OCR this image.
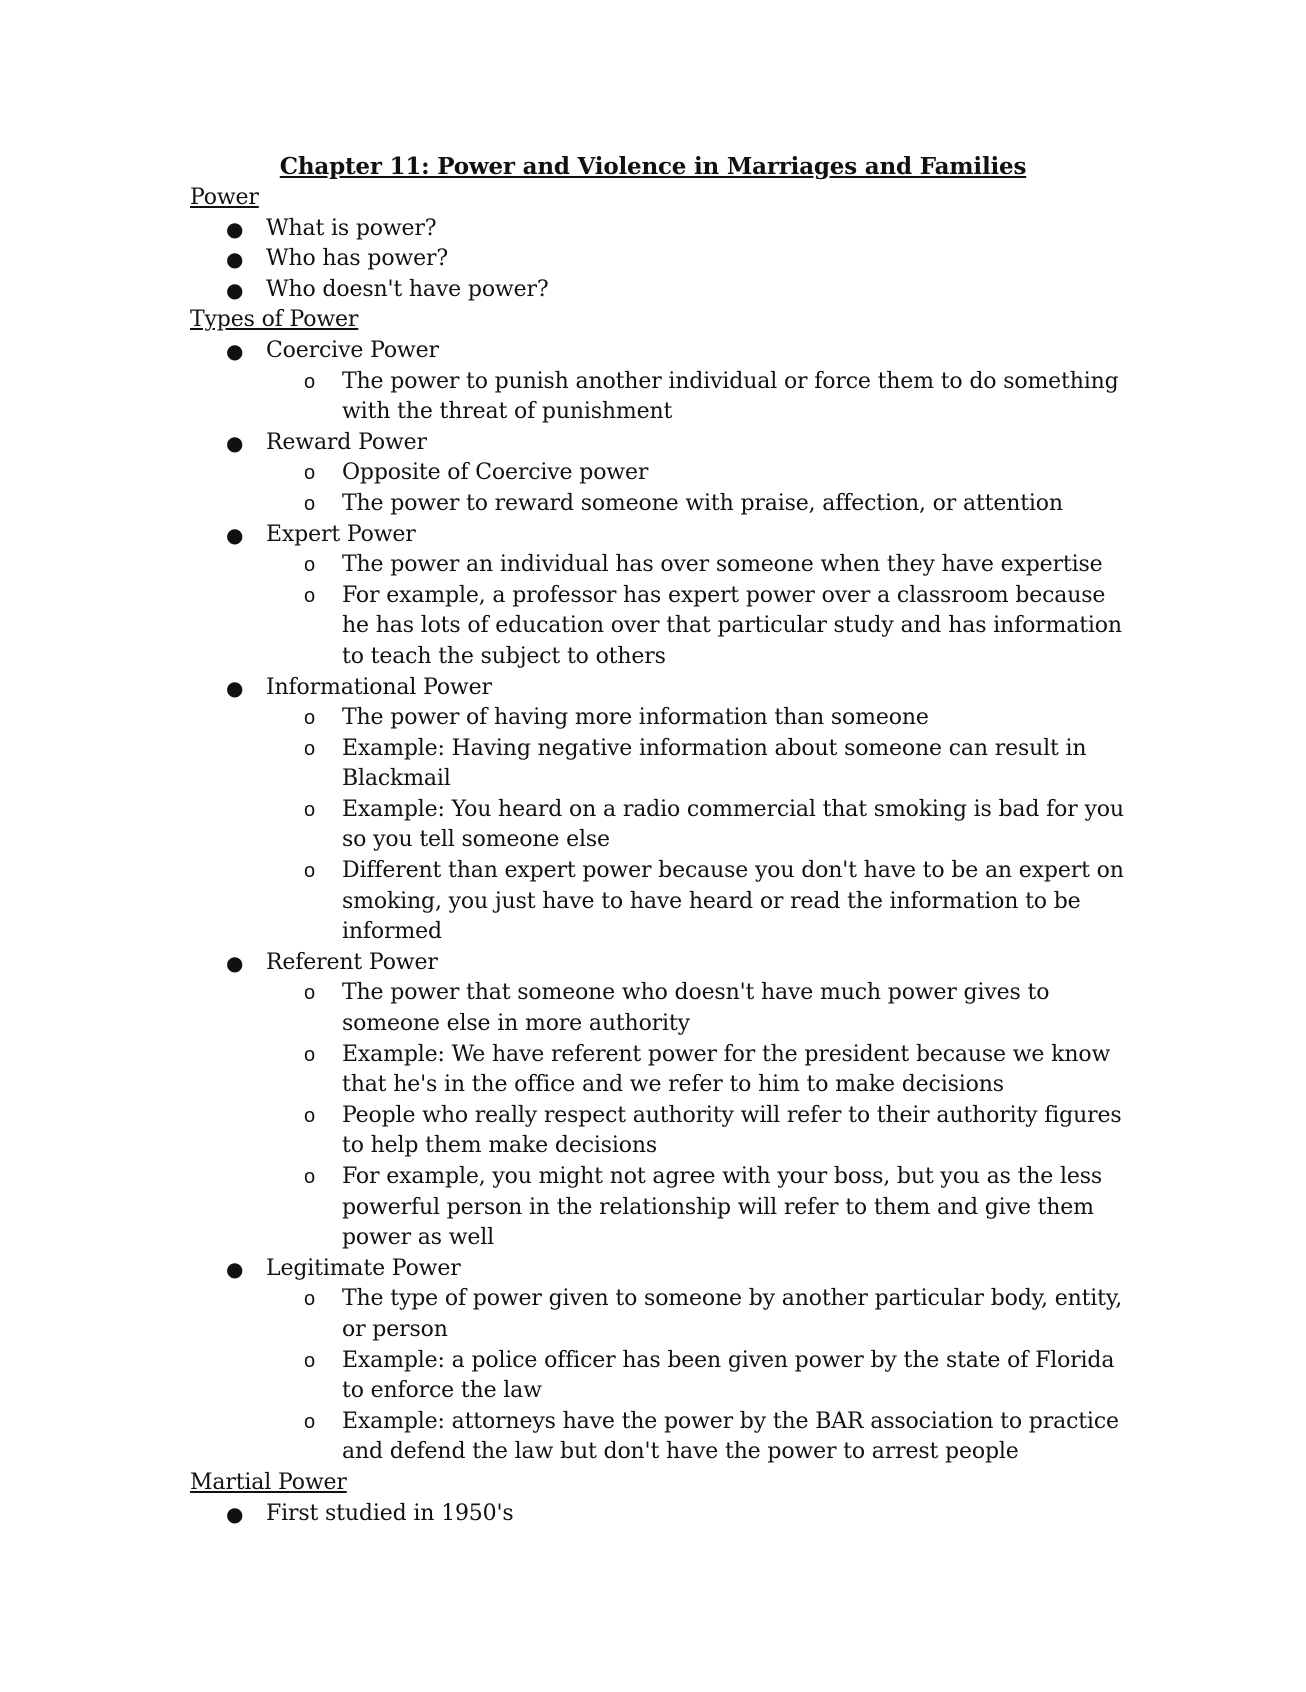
Chapter 11: Power and Violence in Marriages and Families
Power
● What is power?
● Who has power?
● Who doesn't have power?
Types of Power
● Coercive Power
o The power to punish another individual or force them to do something with the threat of punishment
● Reward Power
o Opposite of Coercive power
o The power to reward someone with praise, affection, or attention
● Expert Power
o The power an individual has over someone when they have expertise
o For example, a professor has expert power over a classroom because he has lots of education over that particular study and has information to teach the subject to others
● Informational Power
o The power of having more information than someone
o Example: Having negative information about someone can result in Blackmail
o Example: You heard on a radio commercial that smoking is bad for you so you tell someone else
o Different than expert power because you don't have to be an expert on smoking, you just have to have heard or read the information to be informed
● Referent Power
o The power that someone who doesn't have much power gives to someone else in more authority
o Example: We have referent power for the president because we know that he's in the office and we refer to him to make decisions
o People who really respect authority will refer to their authority figures to help them make decisions
o For example, you might not agree with your boss, but you as the less powerful person in the relationship will refer to them and give them power as well
● Legitimate Power
o The type of power given to someone by another particular body, entity, or person
o Example: a police officer has been given power by the state of Florida to enforce the law
o Example: attorneys have the power by the BAR association to practice and defend the law but don't have the power to arrest people
Martial Power
● First studied in 1950's
